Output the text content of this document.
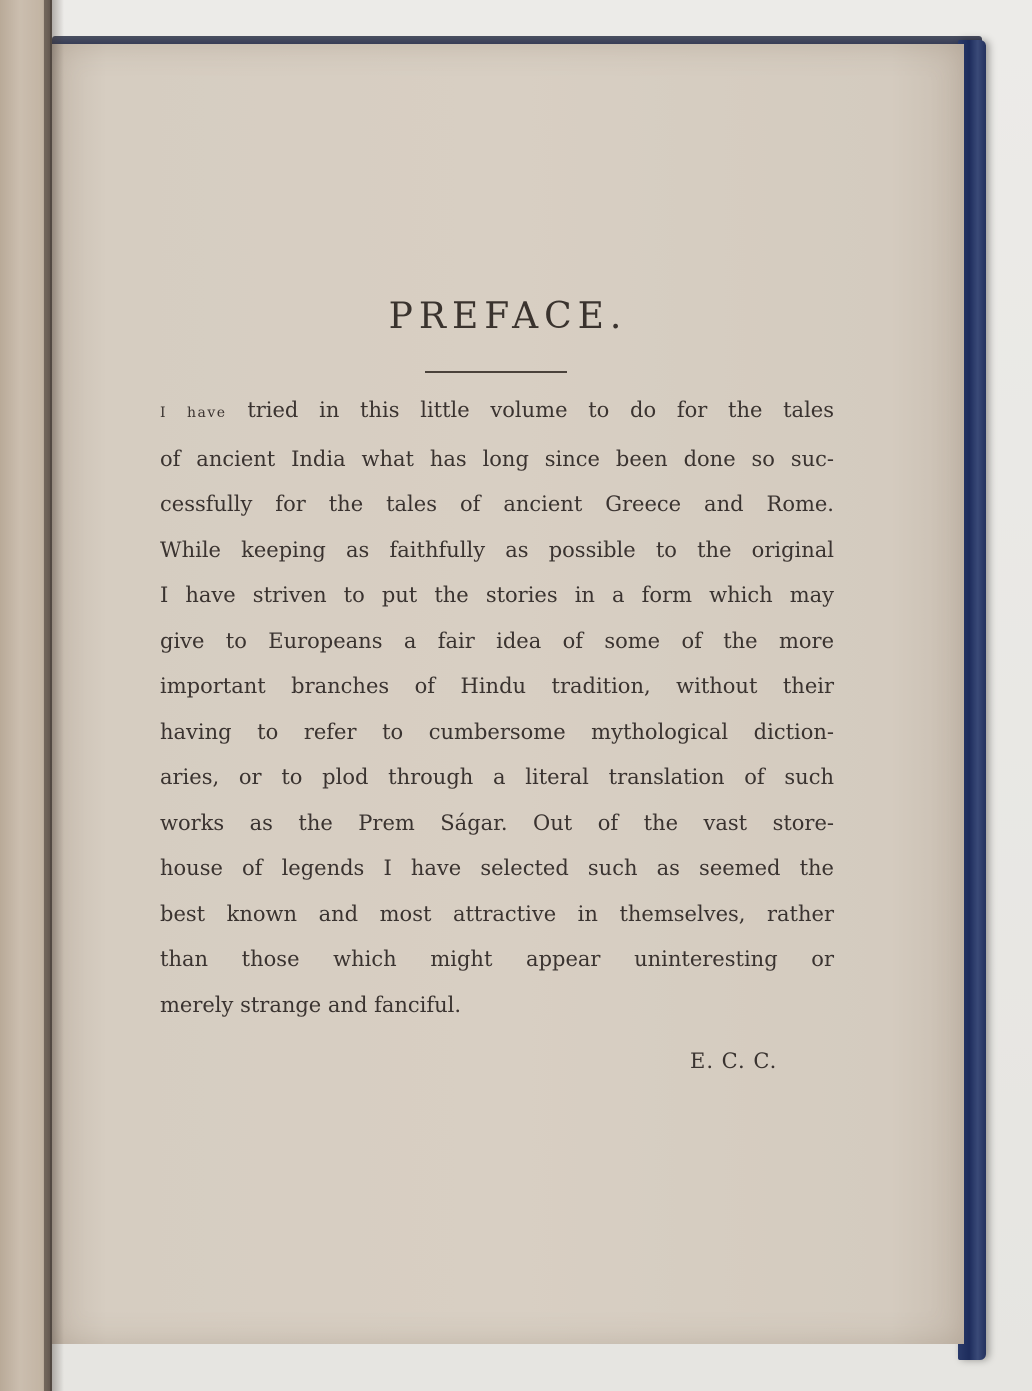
PREFACE.
I have tried in this little volume to do for the tales
of ancient India what has long since been done so suc-
cessfully for the tales of ancient Greece and Rome.
While keeping as faithfully as possible to the original
I have striven to put the stories in a form which may
give to Europeans a fair idea of some of the more
important branches of Hindu tradition, without their
having to refer to cumbersome mythological diction-
aries, or to plod through a literal translation of such
works as the Prem Ságar. Out of the vast store-
house of legends I have selected such as seemed the
best known and most attractive in themselves, rather
than those which might appear uninteresting or
merely strange and fanciful.

E. C. C.
